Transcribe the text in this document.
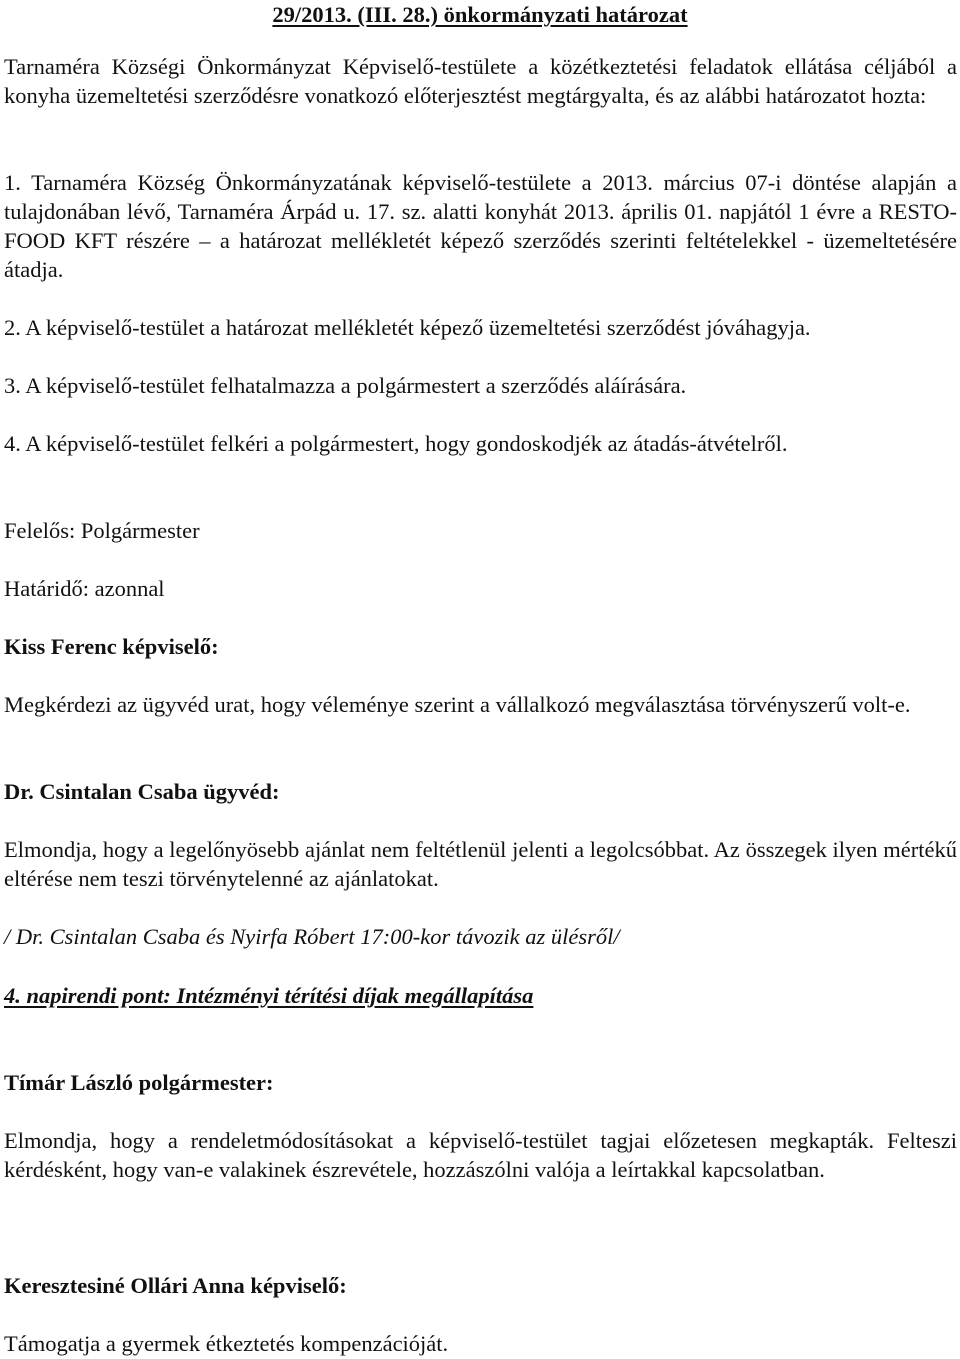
29/2013. (III. 28.) önkormányzati határozat

Tarnaméra Községi Önkormányzat Képviselő-testülete a közétkeztetési feladatok ellátása céljából a konyha üzemeltetési szerződésre vonatkozó előterjesztést megtárgyalta, és az alábbi határozatot hozta:

1. Tarnaméra Község Önkormányzatának képviselő-testülete a 2013. március 07-i döntése alapján a tulajdonában lévő, Tarnaméra Árpád u. 17. sz. alatti konyhát 2013. április 01. napjától 1 évre a RESTO-FOOD KFT részére – a határozat mellékletét képező szerződés szerinti feltételekkel - üzemeltetésére átadja.

2. A képviselő-testület a határozat mellékletét képező üzemeltetési szerződést jóváhagyja.

3. A képviselő-testület felhatalmazza a polgármestert a szerződés aláírására.

4. A képviselő-testület felkéri a polgármestert, hogy gondoskodjék az átadás-átvételről.

Felelős: Polgármester

Határidő: azonnal

Kiss Ferenc képviselő:

Megkérdezi az ügyvéd urat, hogy véleménye szerint a vállalkozó megválasztása törvényszerű volt-e.

Dr. Csintalan Csaba ügyvéd:

Elmondja, hogy a legelőnyösebb ajánlat nem feltétlenül jelenti a legolcsóbbat. Az összegek ilyen mértékű eltérése nem teszi törvénytelenné az ajánlatokat.

/ Dr. Csintalan Csaba és Nyirfa Róbert 17:00-kor távozik az ülésről/

4. napirendi pont: Intézményi térítési díjak megállapítása

Tímár László polgármester:

Elmondja, hogy a rendeletmódosításokat a képviselő-testület tagjai előzetesen megkapták. Felteszi kérdésként, hogy van-e valakinek észrevétele, hozzászólni valója a leírtakkal kapcsolatban.

Keresztesiné Ollári Anna képviselő:

Támogatja a gyermek étkeztetés kompenzációját.
